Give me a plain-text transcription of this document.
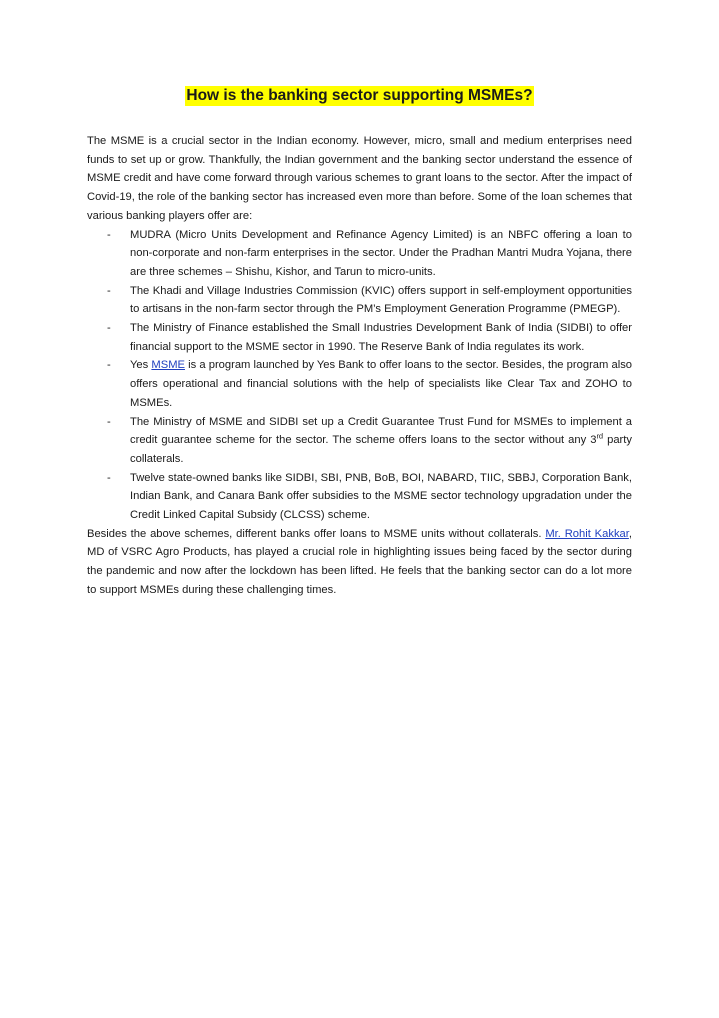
How is the banking sector supporting MSMEs?

The MSME is a crucial sector in the Indian economy. However, micro, small and medium enterprises need funds to set up or grow. Thankfully, the Indian government and the banking sector understand the essence of MSME credit and have come forward through various schemes to grant loans to the sector. After the impact of Covid-19, the role of the banking sector has increased even more than before. Some of the loan schemes that various banking players offer are:

- MUDRA (Micro Units Development and Refinance Agency Limited) is an NBFC offering a loan to non-corporate and non-farm enterprises in the sector. Under the Pradhan Mantri Mudra Yojana, there are three schemes – Shishu, Kishor, and Tarun to micro-units.
- The Khadi and Village Industries Commission (KVIC) offers support in self-employment opportunities to artisans in the non-farm sector through the PM’s Employment Generation Programme (PMEGP).
- The Ministry of Finance established the Small Industries Development Bank of India (SIDBI) to offer financial support to the MSME sector in 1990. The Reserve Bank of India regulates its work.
- Yes MSME is a program launched by Yes Bank to offer loans to the sector. Besides, the program also offers operational and financial solutions with the help of specialists like Clear Tax and ZOHO to MSMEs.
- The Ministry of MSME and SIDBI set up a Credit Guarantee Trust Fund for MSMEs to implement a credit guarantee scheme for the sector. The scheme offers loans to the sector without any 3rd party collaterals.
- Twelve state-owned banks like SIDBI, SBI, PNB, BoB, BOI, NABARD, TIIC, SBBJ, Corporation Bank, Indian Bank, and Canara Bank offer subsidies to the MSME sector technology upgradation under the Credit Linked Capital Subsidy (CLCSS) scheme.

Besides the above schemes, different banks offer loans to MSME units without collaterals. Mr. Rohit Kakkar, MD of VSRC Agro Products, has played a crucial role in highlighting issues being faced by the sector during the pandemic and now after the lockdown has been lifted. He feels that the banking sector can do a lot more to support MSMEs during these challenging times.
